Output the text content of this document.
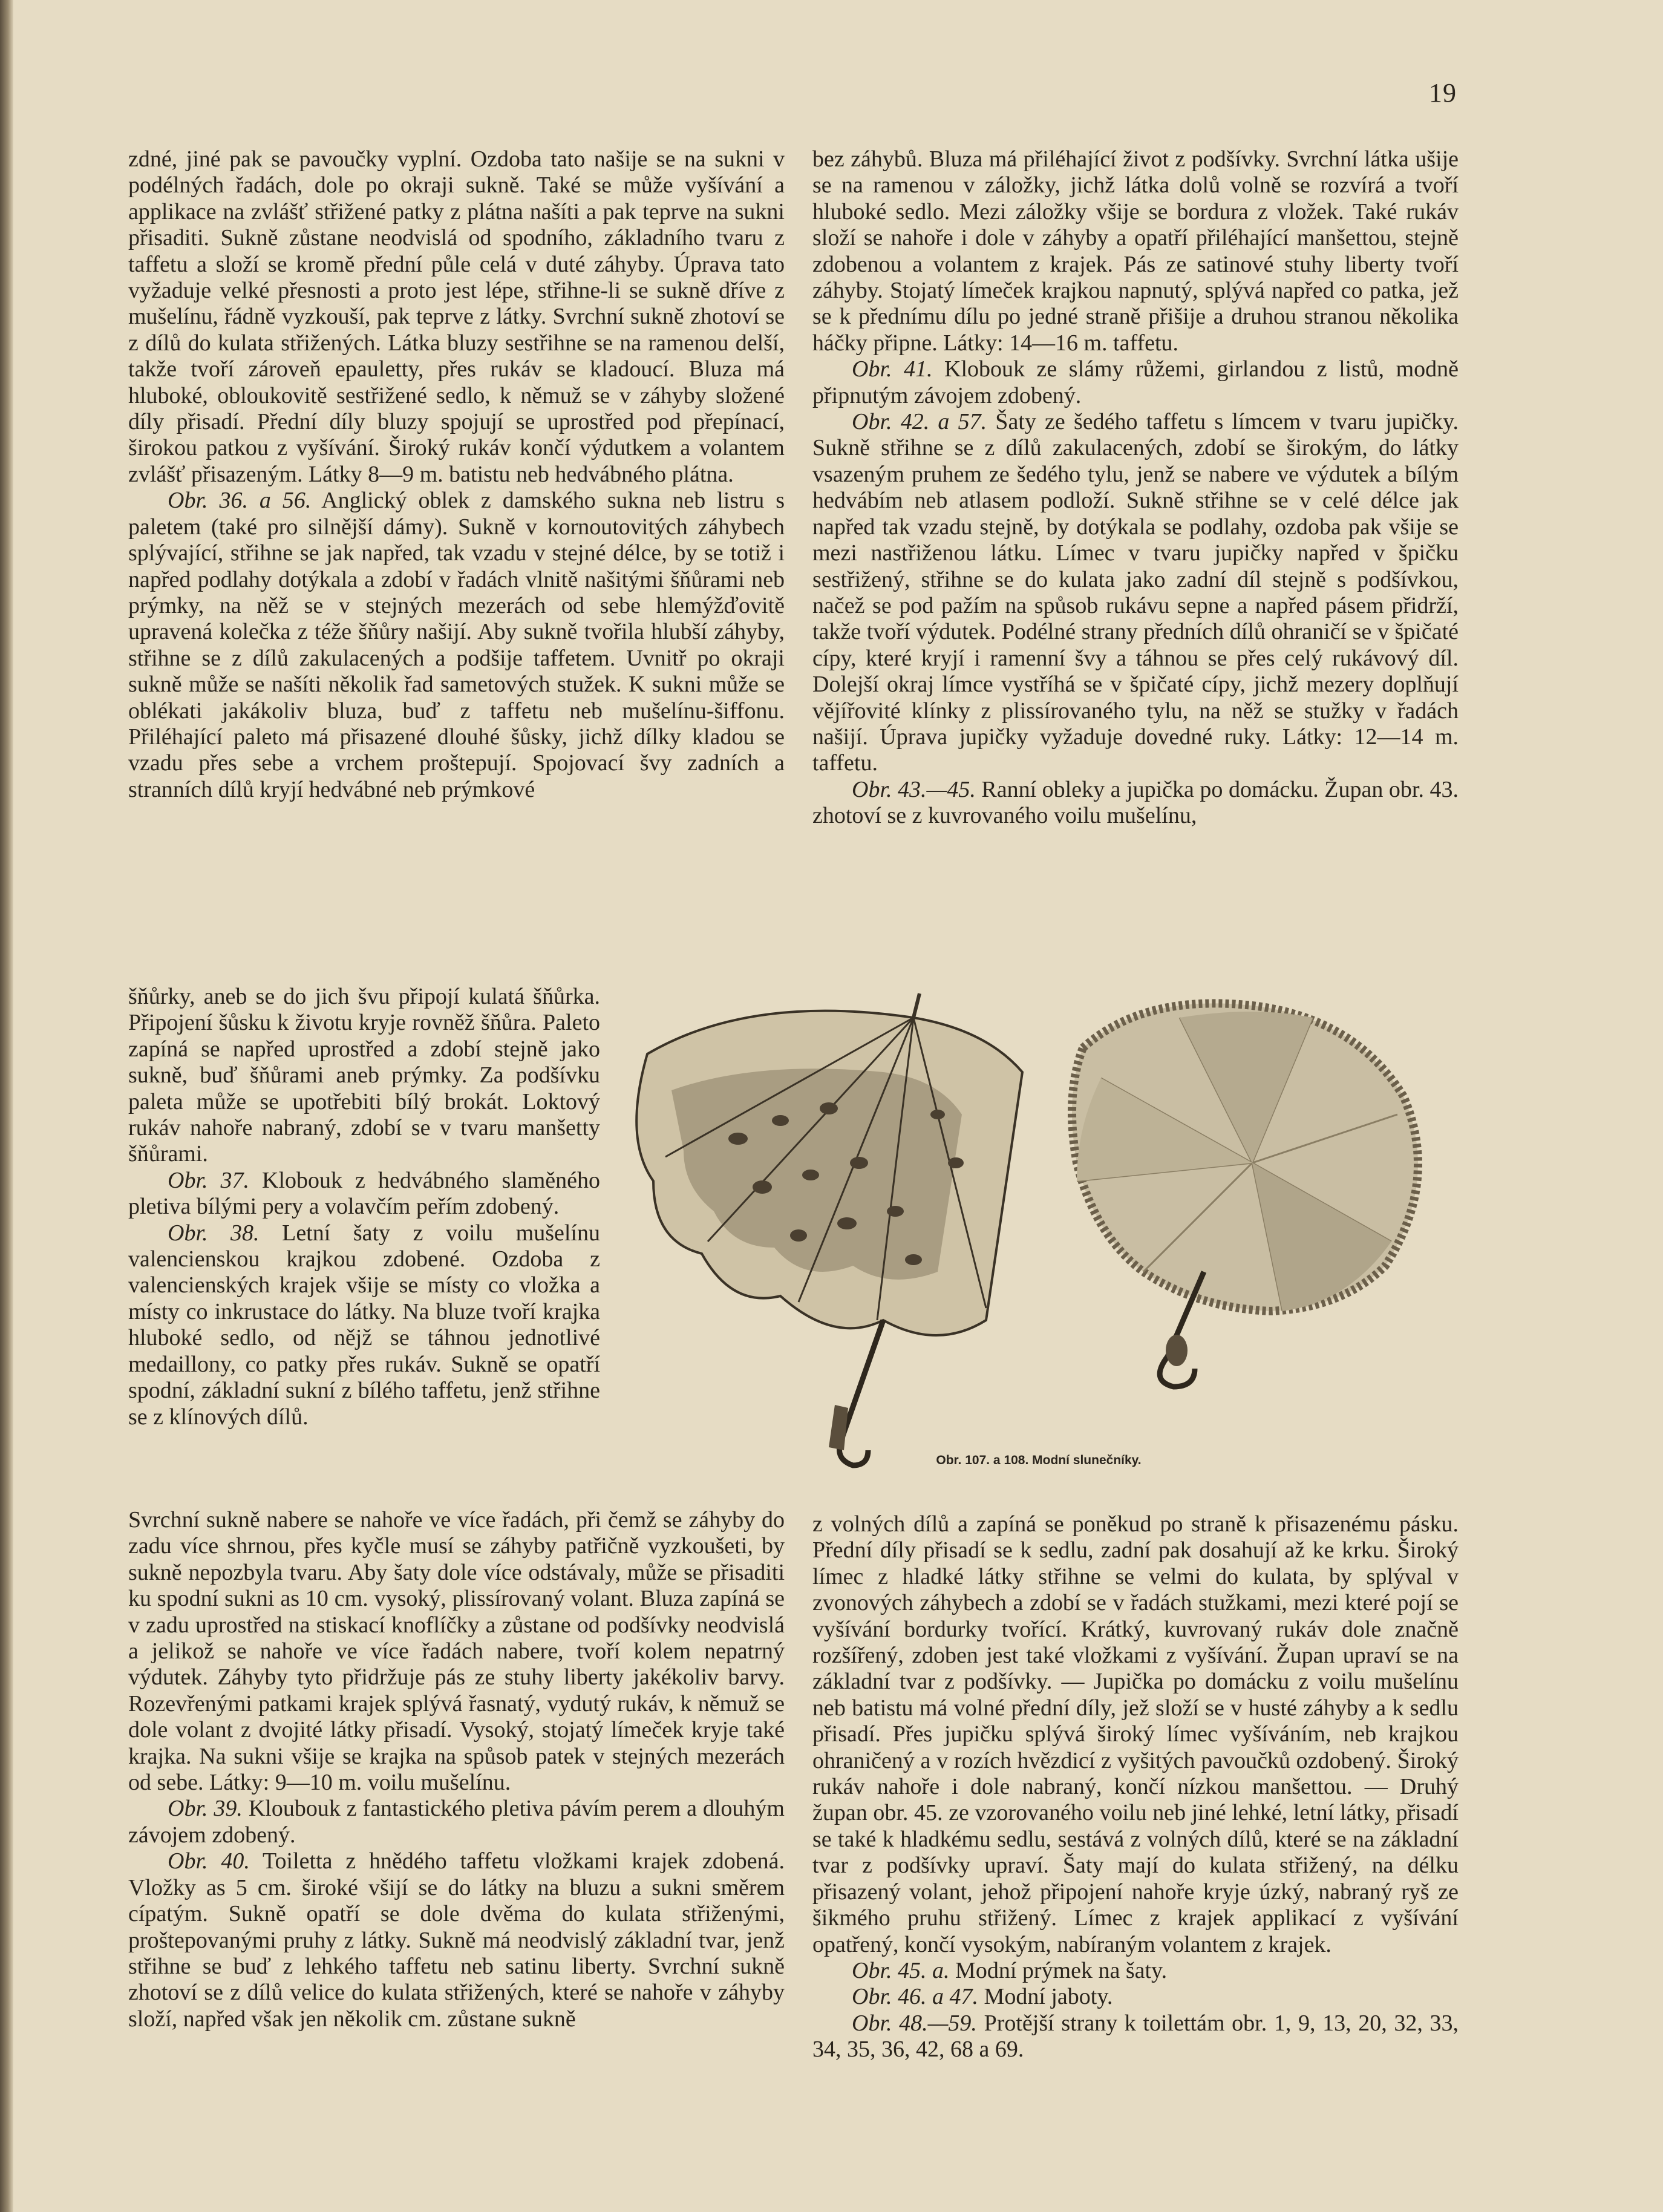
19

zdné, jiné pak se pavoučky vyplní. Ozdoba tato našije se na sukni v podélných řadách, dole po okraji sukně. Také se může vyšívání a applikace na zvlášť střižené patky z plátna našíti a pak teprve na sukni přisaditi. Sukně zůstane neodvislá od spodního, základního tvaru z taffetu a složí se kromě přední půle celá v duté záhyby. Úprava tato vyžaduje velké přesnosti a proto jest lépe, střihne-li se sukně dříve z mušelínu, řádně vyzkouší, pak teprve z látky. Svrchní sukně zhotoví se z dílů do kulata střižených. Látka bluzy sestřihne se na ramenou delší, takže tvoří zároveň epauletty, přes rukáv se kladoucí. Bluza má hluboké, obloukovitě sestřižené sedlo, k němuž se v záhyby složené díly přisadí. Přední díly bluzy spojují se uprostřed pod přepínací, širokou patkou z vyšívání. Široký rukáv končí výdutkem a volantem zvlášť přisazeným. Látky 8—9 m. batistu neb hedvábného plátna.

Obr. 36. a 56. Anglický oblek z damského sukna neb listru s paletem (také pro silnější dámy). Sukně v kornoutovitých záhybech splývající, střihne se jak napřed, tak vzadu v stejné délce, by se totiž i napřed podlahy dotýkala a zdobí v řadách vlnitě našitými šňůrami neb prýmky, na něž se v stejných mezerách od sebe hlemýžďovitě upravená kolečka z téže šňůry našijí. Aby sukně tvořila hlubší záhyby, střihne se z dílů zakulacených a podšije taffetem. Uvnitř po okraji sukně může se našíti několik řad sametových stužek. K sukni může se oblékati jakákoliv bluza, buď z taffetu neb mušelínu-šiffonu. Přiléhající paleto má přisazené dlouhé šůsky, jichž dílky kladou se vzadu přes sebe a vrchem proštepují. Spojovací švy zadních a stranních dílů kryjí hedvábné neb prýmkové

šňůrky, aneb se do jich švu připojí kulatá šňůrka. Připojení šůsku k životu kryje rovněž šňůra. Paleto zapíná se napřed uprostřed a zdobí stejně jako sukně, buď šňůrami aneb prýmky. Za podšívku paleta může se upotřebiti bílý brokát. Loktový rukáv nahoře nabraný, zdobí se v tvaru manšetty šňůrami.

Obr. 37. Klobouk z hedvábného slaměného pletiva bílými pery a volavčím peřím zdobený.

Obr. 38. Letní šaty z voilu mušelínu valencienskou krajkou zdobené. Ozdoba z valencienských krajek všije se místy co vložka a místy co inkrustace do látky. Na bluze tvoří krajka hluboké sedlo, od nějž se táhnou jednotlivé medaillony, co patky přes rukáv. Sukně se opatří spodní, základní sukní z bílého taffetu, jenž střihne se z klínových dílů.

Svrchní sukně nabere se nahoře ve více řadách, při čemž se záhyby do zadu více shrnou, přes kyčle musí se záhyby patřičně vyzkoušeti, by sukně nepozbyla tvaru. Aby šaty dole více odstávaly, může se přisaditi ku spodní sukni as 10 cm. vysoký, plissírovaný volant. Bluza zapíná se v zadu uprostřed na stiskací knoflíčky a zůstane od podšívky neodvislá a jelikož se nahoře ve více řadách nabere, tvoří kolem nepatrný výdutek. Záhyby tyto přidržuje pás ze stuhy liberty jakékoliv barvy. Rozevřenými patkami krajek splývá řasnatý, vydutý rukáv, k němuž se dole volant z dvojité látky přisadí. Vysoký, stojatý límeček kryje také krajka. Na sukni všije se krajka na spůsob patek v stejných mezerách od sebe. Látky: 9—10 m. voilu mušelínu.

Obr. 39. Kloubouk z fantastického pletiva pávím perem a dlouhým závojem zdobený.

Obr. 40. Toiletta z hnědého taffetu vložkami krajek zdobená. Vložky as 5 cm. široké všijí se do látky na bluzu a sukni směrem cípatým. Sukně opatří se dole dvěma do kulata střiženými, proštepovanými pruhy z látky. Sukně má neodvislý základní tvar, jenž střihne se buď z lehkého taffetu neb satinu liberty. Svrchní sukně zhotoví se z dílů velice do kulata střižených, které se nahoře v záhyby složí, napřed však jen několik cm. zůstane sukně

bez záhybů. Bluza má přiléhající život z podšívky. Svrchní látka ušije se na ramenou v záložky, jichž látka dolů volně se rozvírá a tvoří hluboké sedlo. Mezi záložky všije se bordura z vložek. Také rukáv složí se nahoře i dole v záhyby a opatří přiléhající manšettou, stejně zdobenou a volantem z krajek. Pás ze satinové stuhy liberty tvoří záhyby. Stojatý límeček krajkou napnutý, splývá napřed co patka, jež se k přednímu dílu po jedné straně přišije a druhou stranou několika háčky připne. Látky: 14—16 m. taffetu.

Obr. 41. Klobouk ze slámy růžemi, girlandou z listů, modně připnutým závojem zdobený.

Obr. 42. a 57. Šaty ze šedého taffetu s límcem v tvaru jupičky. Sukně střihne se z dílů zakulacených, zdobí se širokým, do látky vsazeným pruhem ze šedého tylu, jenž se nabere ve výdutek a bílým hedvábím neb atlasem podloží. Sukně střihne se v celé délce jak napřed tak vzadu stejně, by dotýkala se podlahy, ozdoba pak všije se mezi nastřiženou látku. Límec v tvaru jupičky napřed v špičku sestřižený, střihne se do kulata jako zadní díl stejně s podšívkou, načež se pod pažím na spůsob rukávu sepne a napřed pásem přidrží, takže tvoří výdutek. Podélné strany předních dílů ohraničí se v špičaté cípy, které kryjí i ramenní švy a táhnou se přes celý rukávový díl. Dolejší okraj límce vystříhá se v špičaté cípy, jichž mezery doplňují vějířovité klínky z plissírovaného tylu, na něž se stužky v řadách našijí. Úprava jupičky vyžaduje dovedné ruky. Látky: 12—14 m. taffetu.

Obr. 43.—45. Ranní obleky a jupička po domácku. Župan obr. 43. zhotoví se z kuvrovaného voilu mušelínu,

z volných dílů a zapíná se poněkud po straně k přisazenému pásku. Přední díly přisadí se k sedlu, zadní pak dosahují až ke krku. Široký límec z hladké látky střihne se velmi do kulata, by splýval v zvonových záhybech a zdobí se v řadách stužkami, mezi které pojí se vyšívání bordurky tvořící. Krátký, kuvrovaný rukáv dole značně rozšířený, zdoben jest také vložkami z vyšívání. Župan upraví se na základní tvar z podšívky. — Jupička po domácku z voilu mušelínu neb batistu má volné přední díly, jež složí se v husté záhyby a k sedlu přisadí. Přes jupičku splývá široký límec vyšíváním, neb krajkou ohraničený a v rozích hvězdicí z vyšitých pavoučků ozdobený. Široký rukáv nahoře i dole nabraný, končí nízkou manšettou. — Druhý župan obr. 45. ze vzorovaného voilu neb jiné lehké, letní látky, přisadí se také k hladkému sedlu, sestává z volných dílů, které se na základní tvar z podšívky upraví. Šaty mají do kulata střižený, na délku přisazený volant, jehož připojení nahoře kryje úzký, nabraný ryš ze šikmého pruhu střižený. Límec z krajek applikací z vyšívání opatřený, končí vysokým, nabíraným volantem z krajek.

Obr. 45. a. Modní prýmek na šaty.

Obr. 46. a 47. Modní jaboty.

Obr. 48.—59. Protější strany k toilettám obr. 1, 9, 13, 20, 32, 33, 34, 35, 36, 42, 68 a 69.

Obr. 107. a 108. Modní slunečníky.
